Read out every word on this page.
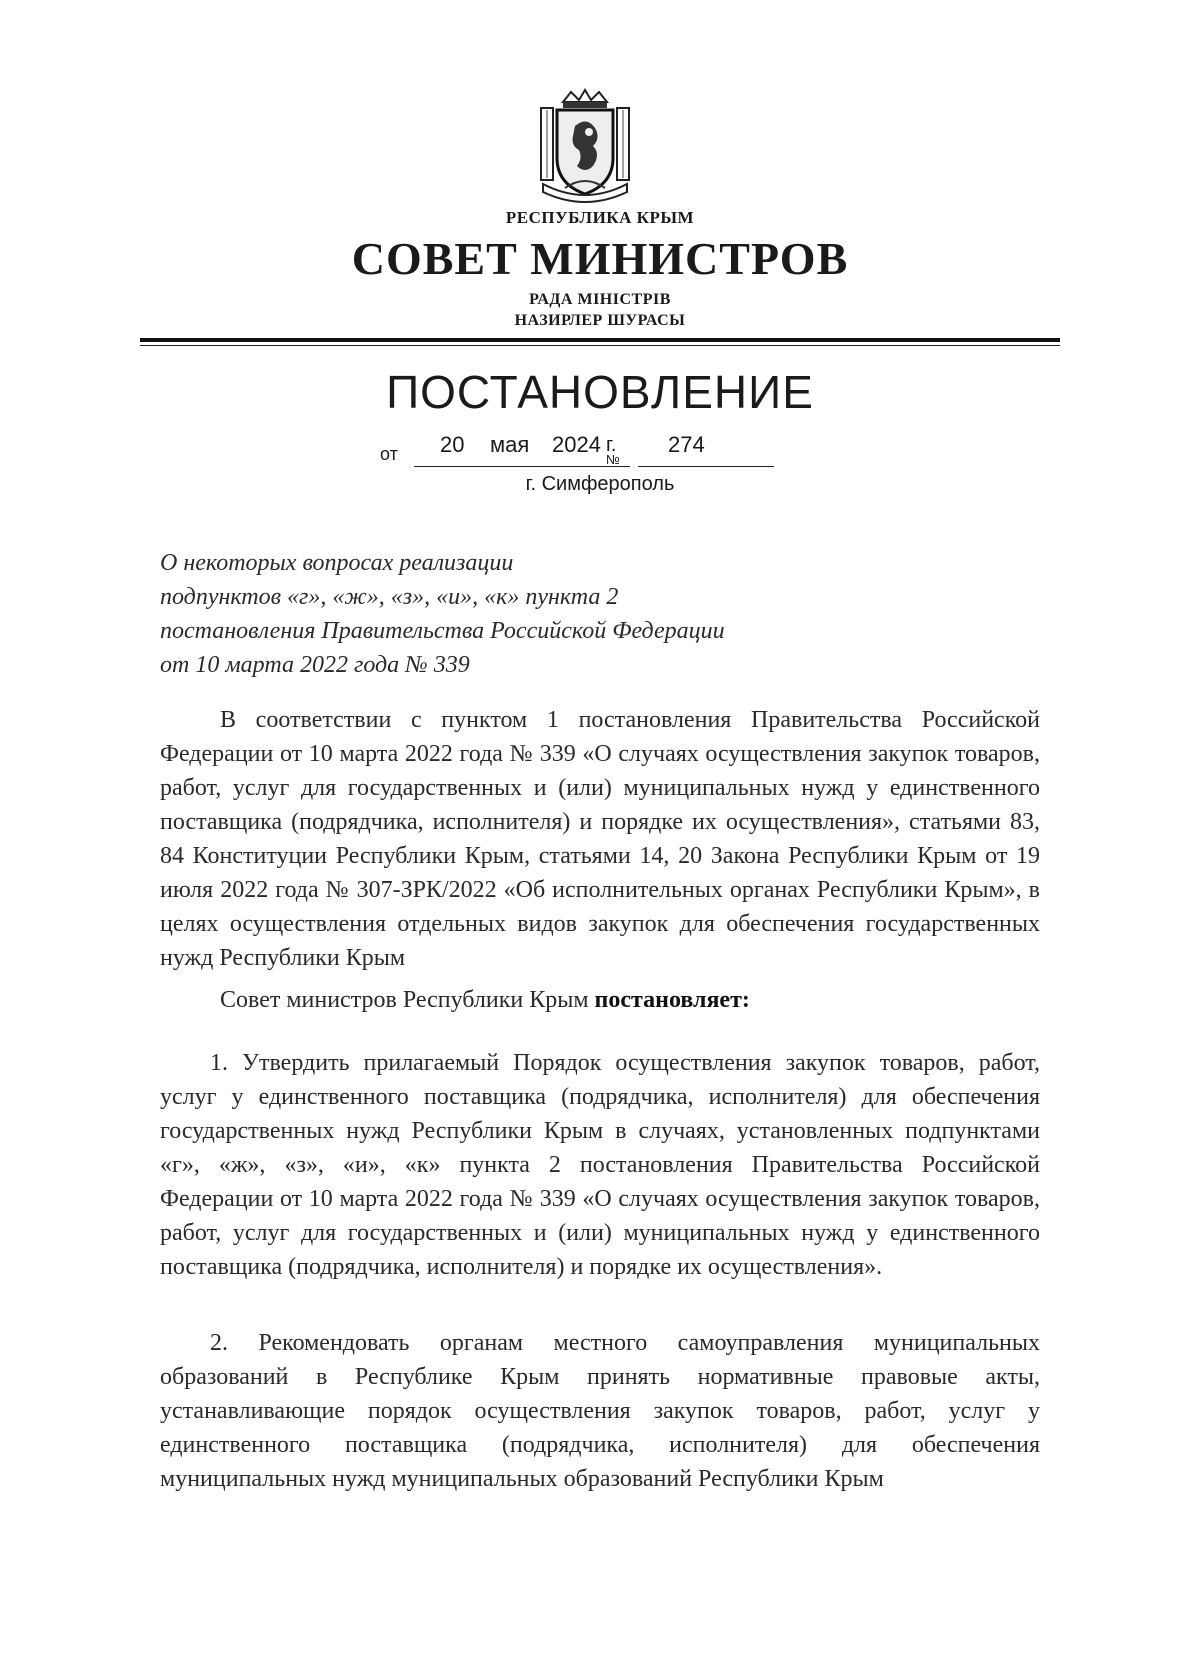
РЕСПУБЛИКА КРЫМ
СОВЕТ МИНИСТРОВ
РАДА МІНІСТРІВ
НАЗИРЛЕР ШУРАСЫ
ПОСТАНОВЛЕНИЕ
от 20 мая 2024 г.
№
274
г. Симферополь
О некоторых вопросах реализации
подпунктов «г», «ж», «з», «и», «к» пункта 2
постановления Правительства Российской Федерации
от 10 марта 2022 года № 339
В соответствии с пунктом 1 постановления Правительства Российской Федерации от 10 марта 2022 года № 339 «О случаях осуществления закупок товаров, работ, услуг для государственных и (или) муниципальных нужд у единственного поставщика (подрядчика, исполнителя) и порядке их осуществления», статьями 83, 84 Конституции Республики Крым, статьями 14, 20 Закона Республики Крым от 19 июля 2022 года № 307-ЗРК/2022 «Об исполнительных органах Республики Крым», в целях осуществления отдельных видов закупок для обеспечения государственных нужд Республики Крым
Совет министров Республики Крым постановляет:
1. Утвердить прилагаемый Порядок осуществления закупок товаров, работ, услуг у единственного поставщика (подрядчика, исполнителя) для обеспечения государственных нужд Республики Крым в случаях, установленных подпунктами «г», «ж», «з», «и», «к» пункта 2 постановления Правительства Российской Федерации от 10 марта 2022 года № 339 «О случаях осуществления закупок товаров, работ, услуг для государственных и (или) муниципальных нужд у единственного поставщика (подрядчика, исполнителя) и порядке их осуществления».
2. Рекомендовать органам местного самоуправления муниципальных образований в Республике Крым принять нормативные правовые акты, устанавливающие порядок осуществления закупок товаров, работ, услуг у единственного поставщика (подрядчика, исполнителя) для обеспечения муниципальных нужд муниципальных образований Республики Крым
